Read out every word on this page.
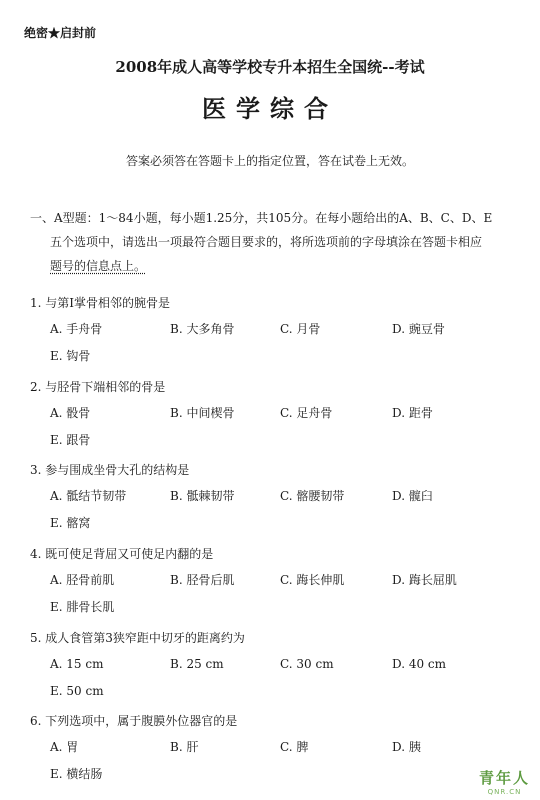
绝密★启封前
2008年成人高等学校专升本招生全国统--考试
医学综合
答案必须答在答题卡上的指定位置，答在试卷上无效。
一、A型题：1～84小题，每小题1.25分，共105分。在每小题给出的A、B、C、D、E
五个选项中，请选出一项最符合题目要求的，将所选项前的字母填涂在答题卡相应
题号的信息点上。
1. 与第Ⅰ掌骨相邻的腕骨是
A. 手舟骨	B. 大多角骨	C. 月骨	D. 豌豆骨
E. 钩骨
2. 与胫骨下端相邻的骨是
A. 骰骨	B. 中间楔骨	C. 足舟骨	D. 距骨
E. 跟骨
3. 参与围成坐骨大孔的结构是
A. 骶结节韧带	B. 骶棘韧带	C. 髂腰韧带	D. 髋臼
E. 髂窝
4. 既可使足背屈又可使足内翻的是
A. 胫骨前肌	B. 胫骨后肌	C. 踇长伸肌	D. 踇长屈肌
E. 腓骨长肌
5. 成人食管第3狭窄距中切牙的距离约为
A. 15 cm	B. 25 cm	C. 30 cm	D. 40 cm
E. 50 cm
6. 下列选项中，属于腹膜外位器官的是
A. 胃	B. 肝	C. 脾	D. 胰
E. 横结肠	青年人
QNR.CN
